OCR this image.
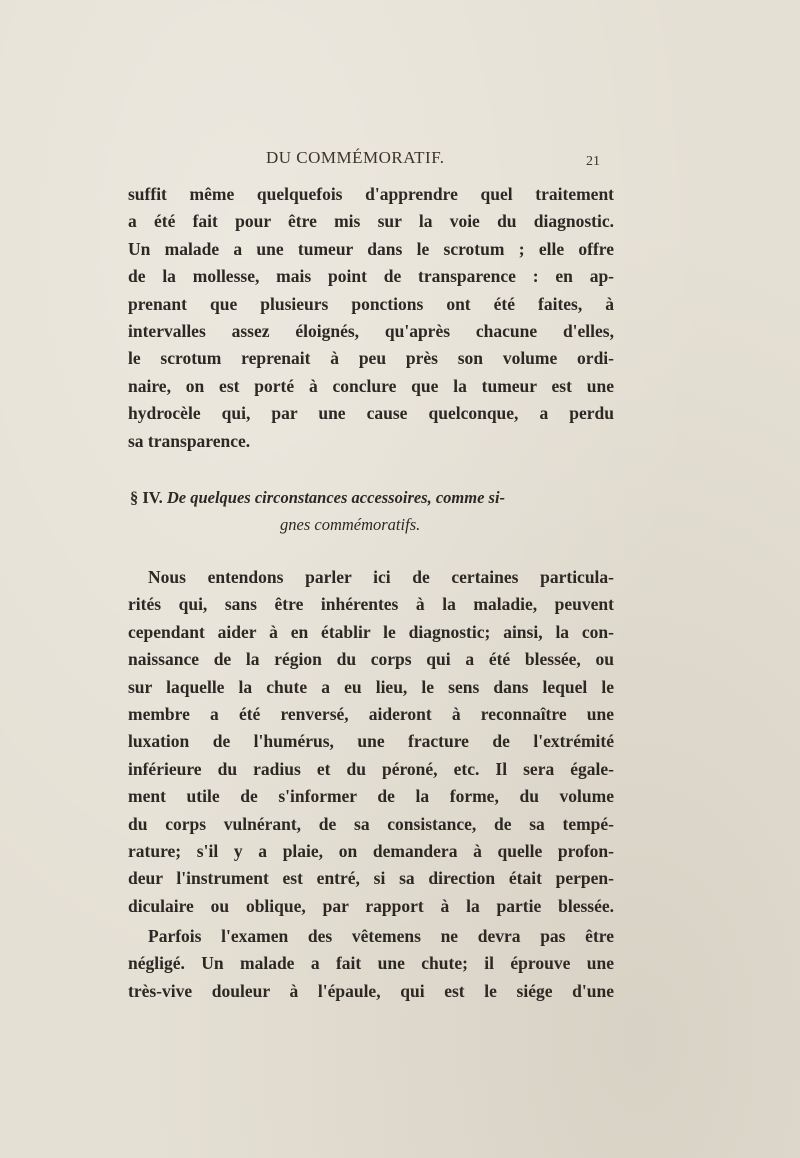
DU COMMÉMORATIF.	21
suffit même quelquefois d'apprendre quel traitement
a été fait pour être mis sur la voie du diagnostic.
Un malade a une tumeur dans le scrotum ; elle offre
de la mollesse, mais point de transparence : en ap-
prenant que plusieurs ponctions ont été faites, à
intervalles assez éloignés, qu'après chacune d'elles,
le scrotum reprenait à peu près son volume ordi-
naire, on est porté à conclure que la tumeur est une
hydrocèle qui, par une cause quelconque, a perdu
sa transparence.
§ IV. De quelques circonstances accessoires, comme si-
gnes commémoratifs.
Nous entendons parler ici de certaines particula-
rités qui, sans être inhérentes à la maladie, peuvent
cependant aider à en établir le diagnostic; ainsi, la con-
naissance de la région du corps qui a été blessée, ou
sur laquelle la chute a eu lieu, le sens dans lequel le
membre a été renversé, aideront à reconnaître une
luxation de l'humérus, une fracture de l'extrémité
inférieure du radius et du péroné, etc. Il sera égale-
ment utile de s'informer de la forme, du volume
du corps vulnérant, de sa consistance, de sa tempé-
rature; s'il y a plaie, on demandera à quelle profon-
deur l'instrument est entré, si sa direction était perpen-
diculaire ou oblique, par rapport à la partie blessée.
Parfois l'examen des vêtemens ne devra pas être
négligé. Un malade a fait une chute; il éprouve une
très-vive douleur à l'épaule, qui est le siége d'une
